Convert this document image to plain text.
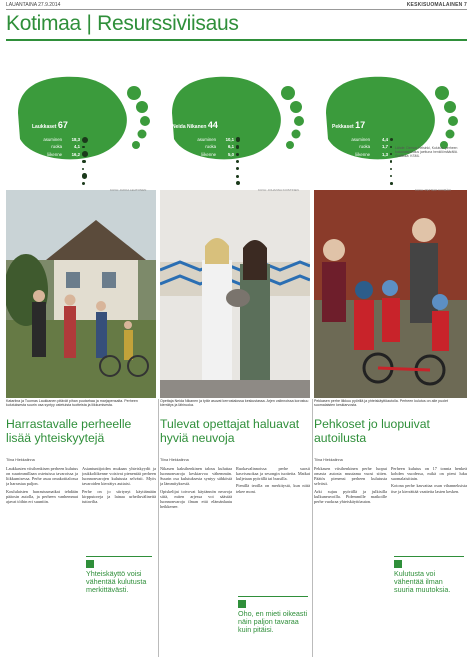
LAUANTAINA 27.9.2014	KESKISUOMALAINEN 7
Kotimaa | Resurssiviisaus
Luonnonvarojen kulutus
tonnia/hlö/vuosi
Laukkaset 67
asuminen	18,3
ruoka	4,1
liikenne	16,2
tavarat	6,5
vapaa-aika	2,4
palvelut	14,6
sähkö ja lämpö	4,5
Luonnonvarojen kulutus
tonnia/hlö/vuosi
Neida Nikanen 44
asuminen	10,1
ruoka	6,1
liikenne	5,0
tavarat	4,6
vapaa-aika	5,6
palvelut	4,3
sähkö ja lämpö	8,3
Luonnonvarojen kulutus
tonnia/hlö/vuosi
Pekkaset 17
asuminen	4,4
ruoka	1,7
liikenne	1,3
tavarat	2,4
vapaa-aika	2,0
palvelut	1,9
sähkö ja lämpö	3,3
Lähde: Demos Helsinki, Kulutus: perheen kokonaiskulutus jaettuna henkilömäärällä. Grafiikka: KSML
KUVA: JUKKA LEHTONEN	KUVA: JOHANNA KOISTINEN	KUVA: PETTERI KIVIMÄKI
Katariina ja Tuomas Laukkanen pitävät pihan puutarhaa ja marjapensaita. Perheen kulutuksesta suurin osa syntyy ostetuista tuotteista ja liikkumisesta.
Harrastavalle perheelle lisää yhteiskyytejä
Tiina Hiekkalinna

Laukkasten viisihenkisen perheen kulutus on suurimmillaan ostetuissa tavaroissa ja liikkumisessa. Perhe asuu omakotitalossa ja harrastaa paljon.

Koululaisten harrastusmatkat tehdään pääosin autolla, ja perheen vanhemmat ajavat töihin eri suuntiin.

Asiantuntijoiden mukaan yhteiskyydit ja joukkoliikenne voisivat pienentää perheen luonnonvarojen kulutusta selvästi. Myös tavaroiden kierrätys auttaisi.

Perhe on jo siirtynyt käyttämään kirpputoreja ja lainaa urheiluvälineitä tuttavilta.

Yhteiskäyttö voisi vähentää kulutusta merkittävästi.
Opettaja Neida Nikanen ja tytär asuvat kerrostalossa keskustassa. Arjen valinnoissa korostuu kierrätys ja lähiruoka.
Tulevat opettajat haluavat hyviä neuvoja
Tiina Hiekkalinna

Nikasen kaksihenkinen talous kuluttaa luonnonvaroja keskiarvoa vähemmän. Suurin osa kulutuksesta syntyy sähköstä ja lämmityksestä.

Opiskelijat toivovat käytännön neuvoja siitä, miten arjessa voi säästää luonnonvaroja ilman että elämänlaatu heikkenee.

Ruokavalinnoissa perhe suosii kasvisruokaa ja sesongin tuotteita. Matkat kuljetaan pyörällä tai bussilla.

Pienillä teoilla on merkitystä, kun niitä tekee moni.

Oho, en mieti oikeasti näin paljon tavaraa kuin pitäisi.
Pekkasen perhe liikkuu pyörillä ja yhteiskäyttöautolla. Perheen kulutus on alle puolet suomalaisten keskiarvosta.
Pehkoset jo luopuivat autoilusta
Tiina Hiekkalinna

Pekkasen viisihenkinen perhe luopui omasta autosta muutama vuosi sitten. Päätös pienensi perheen kulutusta selvästi.

Arki sujuu pyörällä ja julkisilla kulkuneuvoilla. Pidemmille matkoille perhe vuokraa yhteiskäyttöauton.

Perheen kulutus on 17 tonnia henkeä kohden vuodessa, mikä on pieni luku suomalaisittain.

Kotona perhe kasvattaa osan vihanneksista itse ja kierrättää vaatteita lasten kesken.

Kulutusta voi vähentää ilman suuria muutoksia.
